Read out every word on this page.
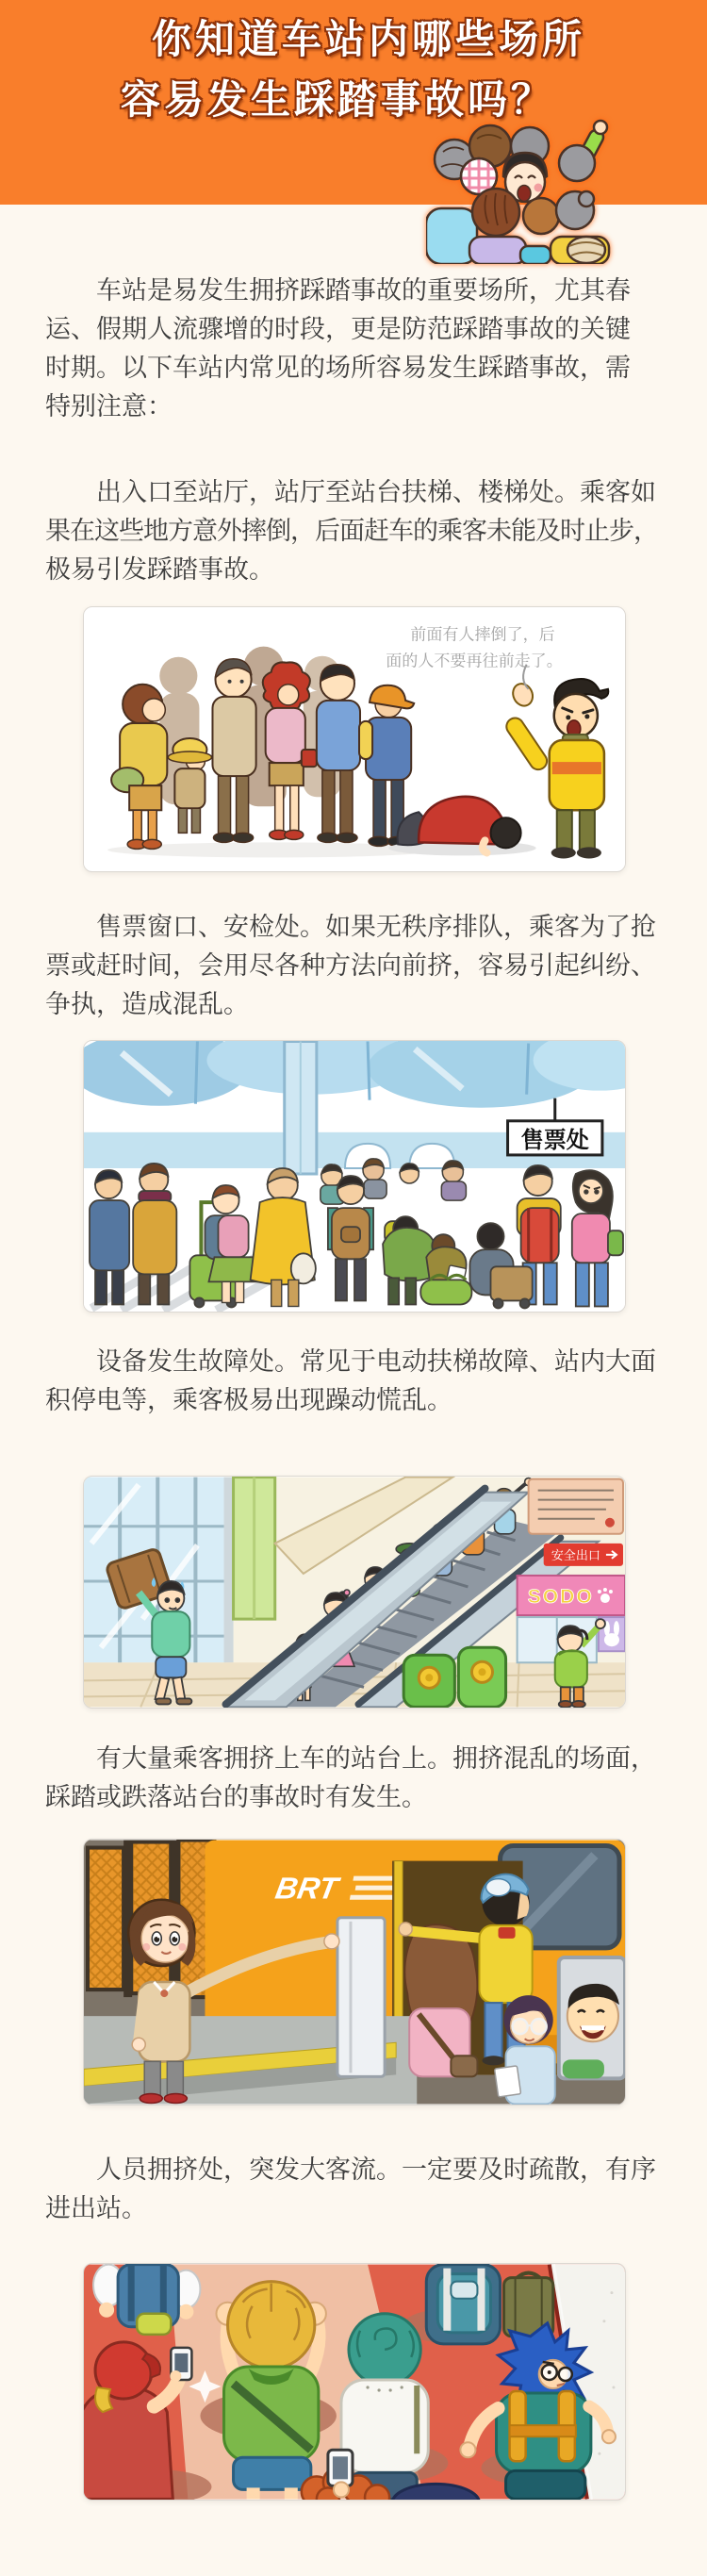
你知道车站内哪些场所
容易发生踩踏事故吗？
车站是易发生拥挤踩踏事故的重要场所，尤其春
运、假期人流骤增的时段，更是防范踩踏事故的关键
时期。以下车站内常见的场所容易发生踩踏事故，需
特别注意：
出入口至站厅，站厅至站台扶梯、楼梯处。乘客如
果在这些地方意外摔倒，后面赶车的乘客未能及时止步，
极易引发踩踏事故。
前面有人摔倒了，后
面的人不要再往前走了。
售票窗口、安检处。如果无秩序排队，乘客为了抢
票或赶时间，会用尽各种方法向前挤，容易引起纠纷、
争执，造成混乱。
售票处
设备发生故障处。常见于电动扶梯故障、站内大面
积停电等，乘客极易出现躁动慌乱。
安全出口
SODO
有大量乘客拥挤上车的站台上。拥挤混乱的场面，
踩踏或跌落站台的事故时有发生。
BRT
人员拥挤处，突发大客流。一定要及时疏散，有序
进出站。
